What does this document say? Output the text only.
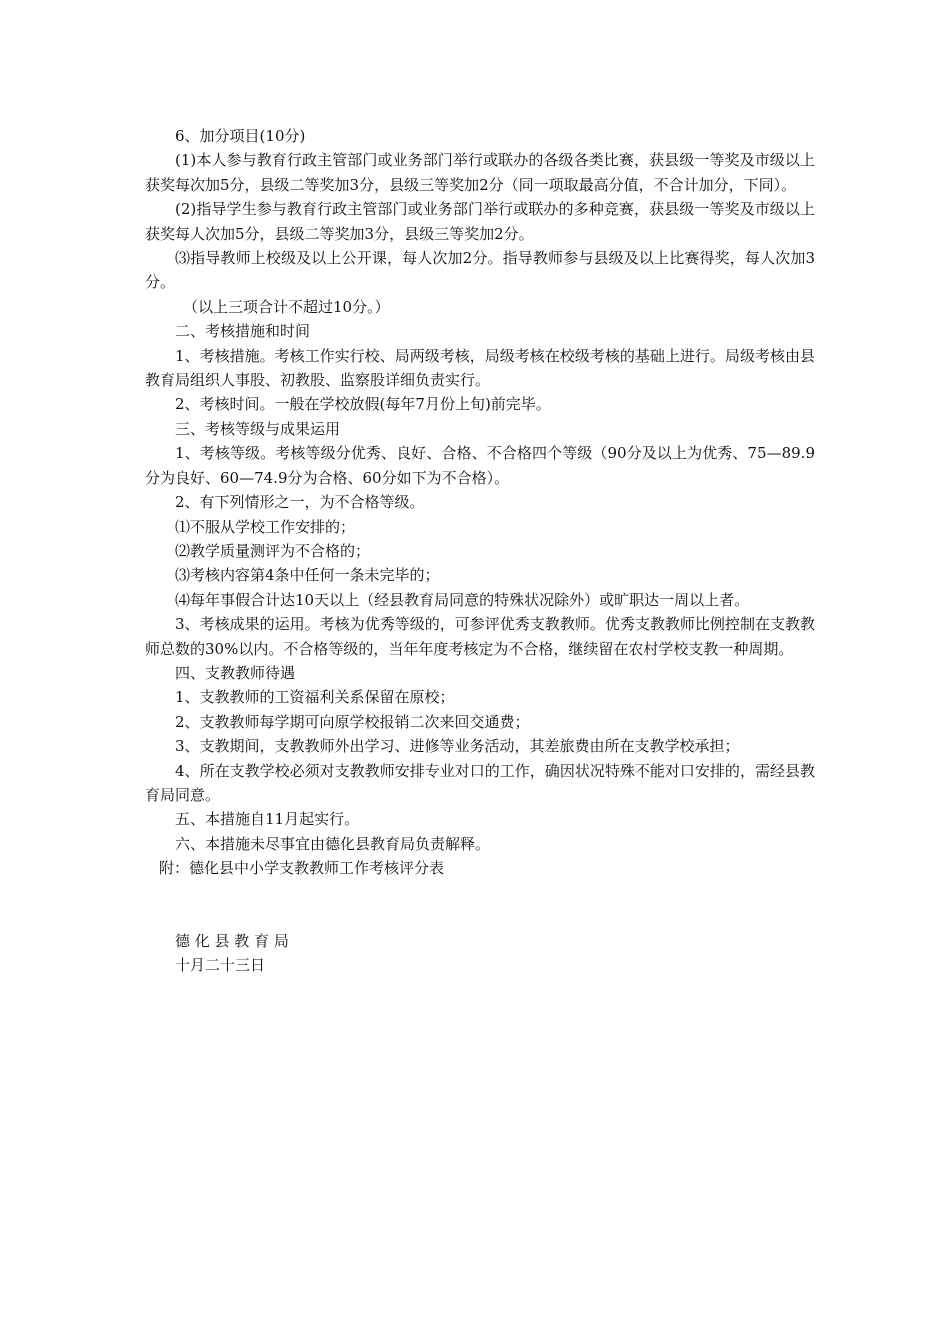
6、加分项目(10分)

(1)本人参与教育行政主管部门或业务部门举行或联办的各级各类比赛，获县级一等奖及市级以上获奖每次加5分，县级二等奖加3分，县级三等奖加2分（同一项取最高分值，不合计加分，下同）。

(2)指导学生参与教育行政主管部门或业务部门举行或联办的多种竞赛，获县级一等奖及市级以上获奖每人次加5分，县级二等奖加3分，县级三等奖加2分。

⑶指导教师上校级及以上公开课，每人次加2分。指导教师参与县级及以上比赛得奖，每人次加3分。

（以上三项合计不超过10分。）

二、考核措施和时间

1、考核措施。考核工作实行校、局两级考核，局级考核在校级考核的基础上进行。局级考核由县教育局组织人事股、初教股、监察股详细负责实行。

2、考核时间。一般在学校放假(每年7月份上旬)前完毕。

三、考核等级与成果运用

1、考核等级。考核等级分优秀、良好、合格、不合格四个等级（90分及以上为优秀、75—89.9分为良好、60—74.9分为合格、60分如下为不合格）。

2、有下列情形之一，为不合格等级。

⑴不服从学校工作安排的；

⑵教学质量测评为不合格的；

⑶考核内容第4条中任何一条未完毕的；

⑷每年事假合计达10天以上（经县教育局同意的特殊状况除外）或旷职达一周以上者。

3、考核成果的运用。考核为优秀等级的，可参评优秀支教教师。优秀支教教师比例控制在支教教师总数的30%以内。不合格等级的，当年年度考核定为不合格，继续留在农村学校支教一种周期。

四、支教教师待遇

1、支教教师的工资福利关系保留在原校；

2、支教教师每学期可向原学校报销二次来回交通费；

3、支教期间，支教教师外出学习、进修等业务活动，其差旅费由所在支教学校承担；

4、所在支教学校必须对支教教师安排专业对口的工作，确因状况特殊不能对口安排的，需经县教育局同意。

五、本措施自11月起实行。

六、本措施未尽事宜由德化县教育局负责解释。

附：德化县中小学支教教师工作考核评分表

德 化 县 教 育 局

十月二十三日
